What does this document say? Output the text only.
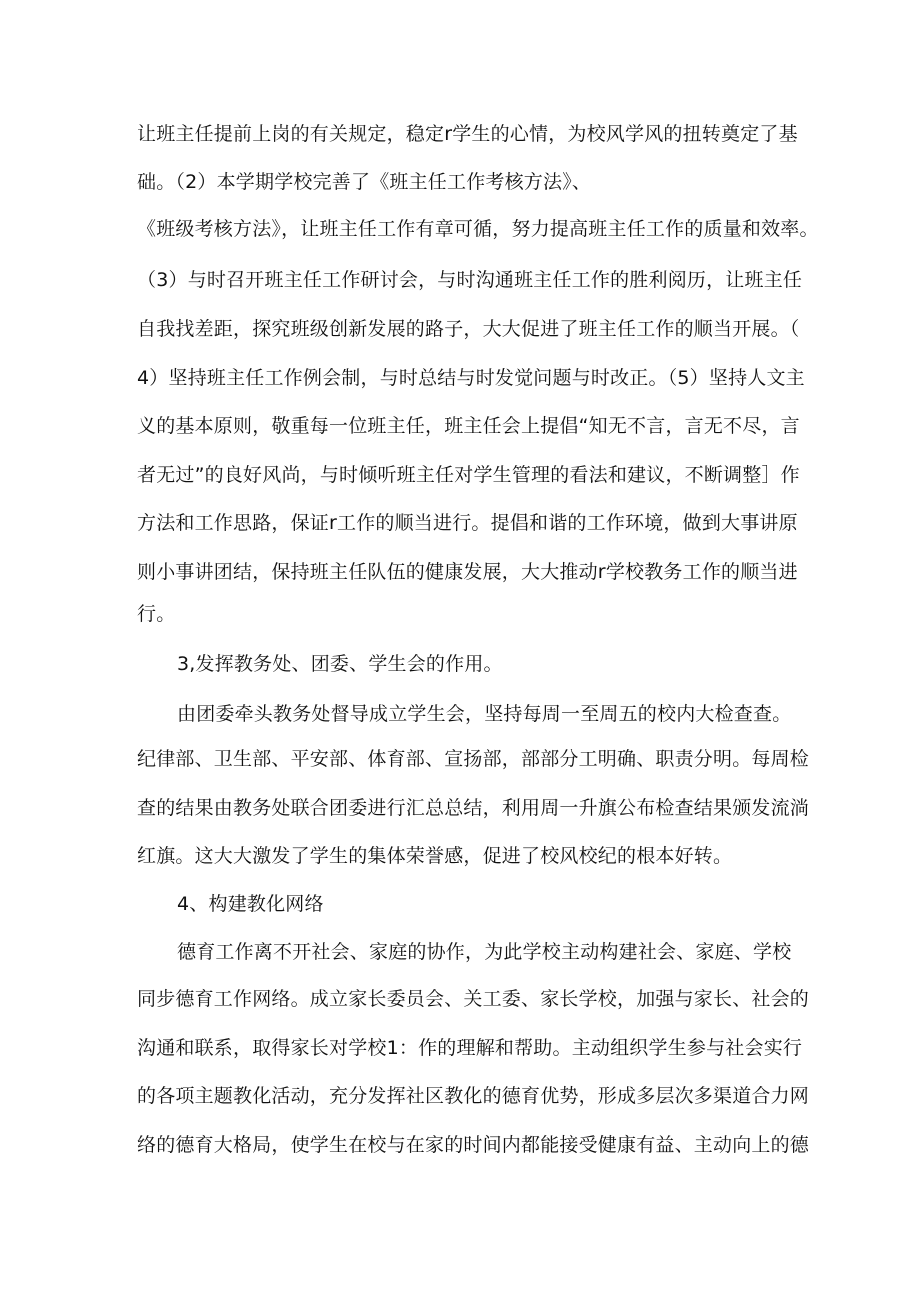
让班主任提前上岗的有关规定，稳定r学生的心情，为校风学风的扭转奠定了基
础。（2）本学期学校完善了《班主任工作考核方法》、
《班级考核方法》，让班主任工作有章可循，努力提高班主任工作的质量和效率。
（3）与时召开班主任工作研讨会，与时沟通班主任工作的胜利阅历，让班主任
自我找差距，探究班级创新发展的路子，大大促进了班主任工作的顺当开展。（
4）坚持班主任工作例会制，与时总结与时发觉问题与时改正。（5）坚持人文主
义的基本原则，敬重每一位班主任，班主任会上提倡“知无不言，言无不尽，言
者无过”的良好风尚，与时倾听班主任对学生管理的看法和建议，不断调整］作
方法和工作思路，保证r工作的顺当进行。提倡和谐的工作环境，做到大事讲原
则小事讲团结，保持班主任队伍的健康发展，大大推动r学校教务工作的顺当进
行。
3,发挥教务处、团委、学生会的作用。
由团委牵头教务处督导成立学生会，坚持每周一至周五的校内大检查查。
纪律部、卫生部、平安部、体育部、宣扬部，部部分工明确、职责分明。每周检
查的结果由教务处联合团委进行汇总总结，利用周一升旗公布检查结果颁发流淌
红旗。这大大激发了学生的集体荣誉感，促进了校风校纪的根本好转。
4、构建教化网络
德育工作离不开社会、家庭的协作，为此学校主动构建社会、家庭、学校
同步德育工作网络。成立家长委员会、关工委、家长学校，加强与家长、社会的
沟通和联系，取得家长对学校1：作的理解和帮助。主动组织学生参与社会实行
的各项主题教化活动，充分发挥社区教化的德育优势，形成多层次多渠道合力网
络的德育大格局，使学生在校与在家的时间内都能接受健康有益、主动向上的德
